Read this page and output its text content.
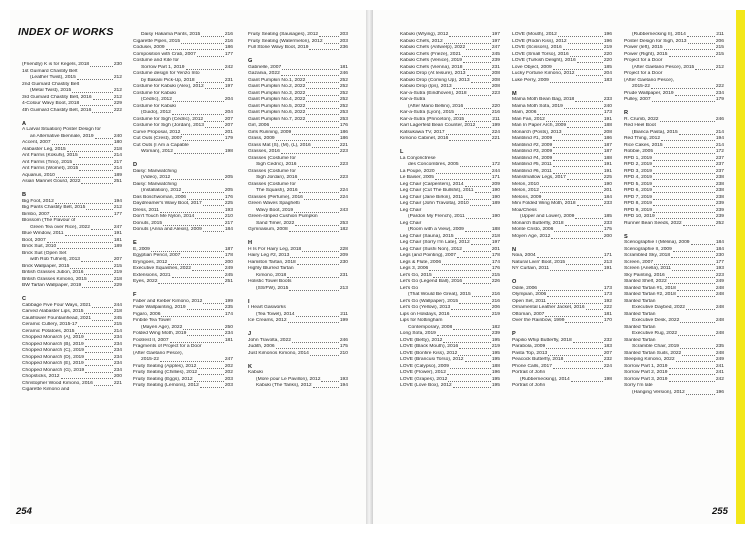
INDEX OF WORKS
(Friendly) K is for Kegels, 2018	230
1st Guimard Chastity Belt
(Leather Twist), 2015	212
2nd Guimard Chastity Belt
(Metal Twist), 2015	212
3rd Guimard Chastity Belt, 2016	212
4-Colour Wavy Boot, 2018	229
4th Guimard Chastity Belt, 2016	222
A
A Larval Situation) Poster Design for
an Alternative Biennale, 2019	240
Accent, 2007	180
Alabaster Leg, 2015	218
Ant Farms (Kokuhi), 2015	214
Ant Farms (Tino), 2015	217
Ant Farms (Womet), 2015	214
Aquarius, 2010	189
Asian Marinet Gourd, 2022	251
B
Big Foot, 2012	194
Big Pants Chastity Belt, 2015	212
Bimbo, 2007	177
Blossom (The Flavour of
Green Tea over Rice), 2022	247
Blue Window, 2011	191
Boot, 2007	181
Brick Suit, 2010	189
Brick Suit (Open Set
with Rob Tufnell), 2013	207
Brick Wallpaper, 2015	215
British Grasses Jubon, 2016	219
British Grasses Kimono, 2015	218
BW Tartan Wallpaper, 2019	229
C
Cabbage Five Four Ways, 2021	244
Carved Alabaster Lips, 2015	218
Cauliflower Fountainhead, 2021	245
Ceramic Cutlery, 2015-17	215
Ceramic Potatoes, 2015	214
Chopped Monarch (A), 2019	234
Chopped Monarch (B), 2019	234
Chopped Monarch (C), 2019	234
Chopped Monarch (D), 2019	234
Chopped Monarch (E), 2019	234
Chopped Monarch (G), 2019	234
Chopsticks, 2012	200
Christopher Wood Kimono, 2016	221
Cigarette Kimono and
Daisy Hakama Pants, 2015	216
Cigarette Pipes, 2015	216
Codusei, 2009	186
Composition with Crab, 2007	177
Costume and Kite for
Sorrow Part 1, 2019	242
Costume design for Yenzo Into
by Bakani Pick-Up, 2018	231
Costume for Kabuki (Alex), 2012	197
Costume for Kabuki
(Cédric), 2012	204
Costume for Kabuki
(Guido), 2012	204
Costume for Sigh (Cédric), 2012	207
Costume for Sigh (Jordan), 2013	207
Curve Proposal, 2012	201
Cut Outs (Crest), 2007	179
Cut Outs (I Am a Capable
Woman), 2012	198
D
Daisy: Manwatching
(Video), 2012	205
Daisy: Manwatching
(Installation), 2012	205
Das Boschwoman, 2006	176
Daydreamer's Wavy Boot, 2017	225
Dress, 2011	193
Don't Touch Me Nylon, 2014	210
Donuts, 2015	217
Donuts (Anna and Alexis), 2009	184
E
E, 2009	187
Egyptian Pencil, 2007	178
Eryngoes, 2012	200
Executive Squashes, 2022	249
Extensions, 2021	245
Eyes, 2022	251
F
Faber and Kieber Kimono, 2012	199
Fade Wallpainting, 2019	235
Figaro, 2006	174
Finbite Tea Towel
(Mayen Age), 2022	250
Folded Wing Moth, 2019	234
Footrest II, 2007	181
Fragments of Project for a Door
(After Gaetano Pesce),
2015-22	247
Fruity Seating (Apples), 2012	202
Fruity Seating (Chillies), 2012	202
Fruity Seating (Eggs), 2012	203
Fruity Seating (Lemons), 2012	203
Fruity Seating (Sausages), 2012	203
Fruity Seating (Watermelon), 2012	203
Full Stone Wavy Boot, 2019	236
G
Gabrielle, 2007	181
Gazania, 2022	246
Giant Pumpkin No.1, 2022	252
Giant Pumpkin No.2, 2022	252
Giant Pumpkin No.3, 2022	252
Giant Pumpkin No.4, 2022	252
Giant Pumpkin No.5, 2022	252
Giant Pumpkin No.6, 2022	253
Giant Pumpkin No.7, 2022	253
Girl, 2006	176
Girls Running, 2009	186
Grass, 2009	186
Grass Mat (S), (M), (L), 2016	221
Grasses, 2016	223
Grasses (Costume for
Sigh Cedric), 2016	223
Grasses (Costume for
Sigh Jordan), 2016	223
Grasses (Costume for
The Squash), 2016	224
Grasses (Perfume), 2016	224
Green Waves Spaghetti
Wavy Boot, 2019	243
Green-striped Cushion Pumpkin
Sand Timer, 2022	253
Gymnasium, 2008	182
H
H Is For Hairy Leg, 2018	228
Hairy Leg #2, 2013	209
Hamilton Tartan, 2018	230
Highly Blurred Tartan
Kimono, 2018	231
Holistic Towel Boots
(SS/FW), 2015	213
I
I Heart Gasworks
(Tea Towel), 2014	211
Ice Creams, 2012	199
J
John Travolta, 2022	246
Judith, 2006	175
Just Kimonos Kimono, 2014	210
K
Kabuki
(More pour Le Pavillon), 2012	193
Kabuki (The Tanks), 2012	194
Kabuki (Wrying), 2012	197
Kabuki Chefs, 2012	197
Kabuki Chefs (Antwerp), 2022	247
Kabuki Chefs (Frieze), 2021	245
Kabuki Chefs (Venice), 2019	239
Kabuki Chefs (Vienna), 2018	231
Kabuki Drop (At leisure), 2013	208
Kabuki Drop (Coming Up), 2013	208
Kabuki Drop (Ips), 2013	208
Kar-a-Sutra (Eindhoven), 2018	223
Kar-a-Sutra
(After Mario Bellini), 2016	220
Kar-a-Sutra (Lyon), 2015	216
Kar-a-Sutra (Princeton), 2015	211
Karl Lagerfeld Bean Counter, 2012	199
Katsukawa TV, 2017	224
Kimono Cabinet, 2016	221
L
La Conjonctrese
des Concombres, 2005	172
La Poupe, 2020	244
Le Baiser, 2005	171
Leg Chair (Carpenters), 2014	209
Leg Chair (Cut The Bullshit), 2011	190
Leg Chair (Jane Birkin), 2011	190
Leg Chair (John Travolta), 2010	189
Leg Chair
(Pardon My French), 2011	190
Leg Chair
(Room with a View), 2009	188
Leg Chair (Sauna), 2015	218
Leg Chair (Sorry I'm Late), 2012	197
Leg Chair (Sushi Non), 2012	201
Legs (and Pointing), 2007	178
Legs & Flute, 2006	174
Legs 3, 2006	176
Let's Go, 2015	215
Let's Go (Legend Ball), 2016	226
Let's Go
(That Would Be Great), 2015	216
Let's Go (Wallpaper), 2015	216
Let's Go (Yellow), 2013	206
Lips on Holidays, 2016	219
Lips for Nottingham
Contemporary, 2008	182
Long Sofa, 2019	239
LOVE (Betty), 2012	195
LOVE (Black Mouth), 2016	219
LOVE (Bonfire Kiss), 2012	195
LOVE (Brancusi Torso), 2012	195
LOVE (Calypso), 2009	188
LOVE (Flower), 2012	196
LOVE (Grapes), 2012	195
LOVE (Love Box), 2012	195
LOVE (Mouth), 2012	196
LOVE (Rodin Kiss), 2012	196
LOVE (Scissors), 2016	219
LOVE (Small Torso), 2016	220
LOVE (Turkish Delight), 2016	220
Love Object, 2009	185
Lucky Fortune Kimono, 2012	204
Luke Perry, 2009	183
M
Mama Moth Bean Bag, 2018	233
Mama Moth Sofa, 2019	240
Mam, 2006	173
Man Fan, 2012	191
Man In Paper Arch, 2009	188
Monarch (Posts), 2013	208
Manblind #1, 2009	186
Manblind #2, 2009	187
Manblind #3, 2009	187
Manblind #4, 2009	188
Manblind #5, 2011	191
Manblind #6, 2011	191
Manslmallow Legs, 2017	225
Melon, 2010	190
Melon, 2012	201
Melons, 2009	184
Mini Folded Wing Moth, 2018	233
Moa/Chess
(Upper and Lower), 2009	185
Monarch Butterfly, 2018	233
Monte Cristo, 2006	175
Moyen Âge, 2012	200
N
Noia, 2004	171
Natural Livin' Boot, 2015	213
NY Curtain, 2011	191
O
Odile, 2006	173
Olympian, 2006	173
Open Set, 2011	192
Ornamental Leather Jacket, 2016	222
Ottoman, 2007	181
Over the Rainbow, 1999	170
P
Papilio Whip Butterfly, 2018	232
Parabola, 2009	183
Pasta Top, 2013	207
Peacock Butterfly, 2018	232
Phone Calls, 2017	224
Portrait of John
(Rubbernecking), 2014	198
Portrait of John
(Rubbernecking II), 2014	211
Poster Design for Sigh, 2013	206
Power (left), 2015	215
Power (Right), 2015	215
Project for a Door
(After Gaetano Pesce), 2015	212
Project for a Door
(After Gaetano Pesce),
2015-22	222
Prude Wallpaper, 2019	234
Pulley, 2007	179
R
R. Crumb, 2022	246
Red Heel Boot
(Bianca Pasta), 2015	214
Red Thing, 2012	194
Rice Cakes, 2015	214
Robbie, 2005	172
RPD 1, 2019	237
RPD 2, 2019	237
RPD 3, 2019	237
RPD 4, 2019	238
RPD 5, 2019	238
RPD 6, 2019	238
RPD 7, 2019	238
RPD 8, 2019	239
RPD 9, 2019	239
RPD 10, 2019	239
Runner Bean Seeds, 2022	252
S
Scénographie I (Mélina), 2009	184
Scénographie II, 2009	184
Scrambled Sky, 2018	230
Screen, 2007	177
Screen (Ariella), 2011	193
Sky Painting, 2016	223
Slanted Shelf, 2022	249
Slanted Tartan #1, 2018	248
Slanted Tartan #2, 2018	248
Slanted Tartan
Executive Daybed, 2022	248
Slanted Tartan
Executive Desk, 2022	248
Slanted Tartan
Executive Rug, 2022	248
Slanted Tartan
Scramble Chair, 2019	235
Slanted Tartan Suits, 2022	248
Sleeping Kimono, 2022	249
Sorrow Part 1, 2019	241
Sorrow Part 2, 2019	241
Sorrow Part 3, 2019	242
Sorry I'm late
(Hanging Version), 2012	196
254	255
